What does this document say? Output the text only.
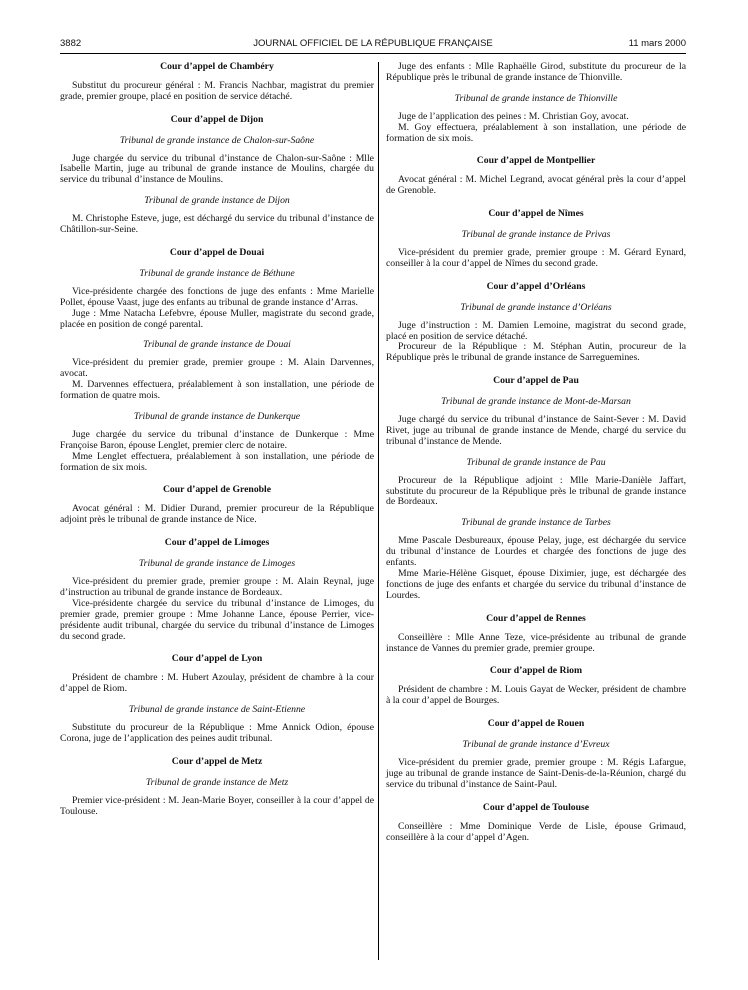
3882	JOURNAL OFFICIEL DE LA RÉPUBLIQUE FRANÇAISE	11 mars 2000
Cour d’appel de Chambéry
Substitut du procureur général : M. Francis Nachbar, magistrat du premier grade, premier groupe, placé en position de service détaché.
Cour d’appel de Dijon
Tribunal de grande instance de Chalon-sur-Saône
Juge chargée du service du tribunal d’instance de Chalon-sur-Saône : Mlle Isabelle Martin, juge au tribunal de grande instance de Moulins, chargée du service du tribunal d’instance de Moulins.
Tribunal de grande instance de Dijon
M. Christophe Esteve, juge, est déchargé du service du tribunal d’instance de Châtillon-sur-Seine.
Cour d’appel de Douai
Tribunal de grande instance de Béthune
Vice-présidente chargée des fonctions de juge des enfants : Mme Marielle Pollet, épouse Vaast, juge des enfants au tribunal de grande instance d’Arras.
Juge : Mme Natacha Lefebvre, épouse Muller, magistrate du second grade, placée en position de congé parental.
Tribunal de grande instance de Douai
Vice-président du premier grade, premier groupe : M. Alain Darvennes, avocat.
M. Darvennes effectuera, préalablement à son installation, une période de formation de quatre mois.
Tribunal de grande instance de Dunkerque
Juge chargée du service du tribunal d’instance de Dunkerque : Mme Françoise Baron, épouse Lenglet, premier clerc de notaire.
Mme Lenglet effectuera, préalablement à son installation, une période de formation de six mois.
Cour d’appel de Grenoble
Avocat général : M. Didier Durand, premier procureur de la République adjoint près le tribunal de grande instance de Nice.
Cour d’appel de Limoges
Tribunal de grande instance de Limoges
Vice-président du premier grade, premier groupe : M. Alain Reynal, juge d’instruction au tribunal de grande instance de Bordeaux.
Vice-présidente chargée du service du tribunal d’instance de Limoges, du premier grade, premier groupe : Mme Johanne Lance, épouse Perrier, vice-présidente audit tribunal, chargée du service du tribunal d’instance de Limoges du second grade.
Cour d’appel de Lyon
Président de chambre : M. Hubert Azoulay, président de chambre à la cour d’appel de Riom.
Tribunal de grande instance de Saint-Etienne
Substitute du procureur de la République : Mme Annick Odion, épouse Corona, juge de l’application des peines audit tribunal.
Cour d’appel de Metz
Tribunal de grande instance de Metz
Premier vice-président : M. Jean-Marie Boyer, conseiller à la cour d’appel de Toulouse.
Juge des enfants : Mlle Raphaëlle Girod, substitute du procureur de la République près le tribunal de grande instance de Thionville.
Tribunal de grande instance de Thionville
Juge de l’application des peines : M. Christian Goy, avocat.
M. Goy effectuera, préalablement à son installation, une période de formation de six mois.
Cour d’appel de Montpellier
Avocat général : M. Michel Legrand, avocat général près la cour d’appel de Grenoble.
Cour d’appel de Nîmes
Tribunal de grande instance de Privas
Vice-président du premier grade, premier groupe : M. Gérard Eynard, conseiller à la cour d’appel de Nîmes du second grade.
Cour d’appel d’Orléans
Tribunal de grande instance d’Orléans
Juge d’instruction : M. Damien Lemoine, magistrat du second grade, placé en position de service détaché.
Procureur de la République : M. Stéphan Autin, procureur de la République près le tribunal de grande instance de Sarreguemines.
Cour d’appel de Pau
Tribunal de grande instance de Mont-de-Marsan
Juge chargé du service du tribunal d’instance de Saint-Sever : M. David Rivet, juge au tribunal de grande instance de Mende, chargé du service du tribunal d’instance de Mende.
Tribunal de grande instance de Pau
Procureur de la République adjoint : Mlle Marie-Danièle Jaffart, substitute du procureur de la République près le tribunal de grande instance de Bordeaux.
Tribunal de grande instance de Tarbes
Mme Pascale Desbureaux, épouse Pelay, juge, est déchargée du service du tribunal d’instance de Lourdes et chargée des fonctions de juge des enfants.
Mme Marie-Hélène Gisquet, épouse Diximier, juge, est déchargée des fonctions de juge des enfants et chargée du service du tribunal d’instance de Lourdes.
Cour d’appel de Rennes
Conseillère : Mlle Anne Teze, vice-présidente au tribunal de grande instance de Vannes du premier grade, premier groupe.
Cour d’appel de Riom
Président de chambre : M. Louis Gayat de Wecker, président de chambre à la cour d’appel de Bourges.
Cour d’appel de Rouen
Tribunal de grande instance d’Evreux
Vice-président du premier grade, premier groupe : M. Régis Lafargue, juge au tribunal de grande instance de Saint-Denis-de-la-Réunion, chargé du service du tribunal d’instance de Saint-Paul.
Cour d’appel de Toulouse
Conseillère : Mme Dominique Verde de Lisle, épouse Grimaud, conseillère à la cour d’appel d’Agen.
